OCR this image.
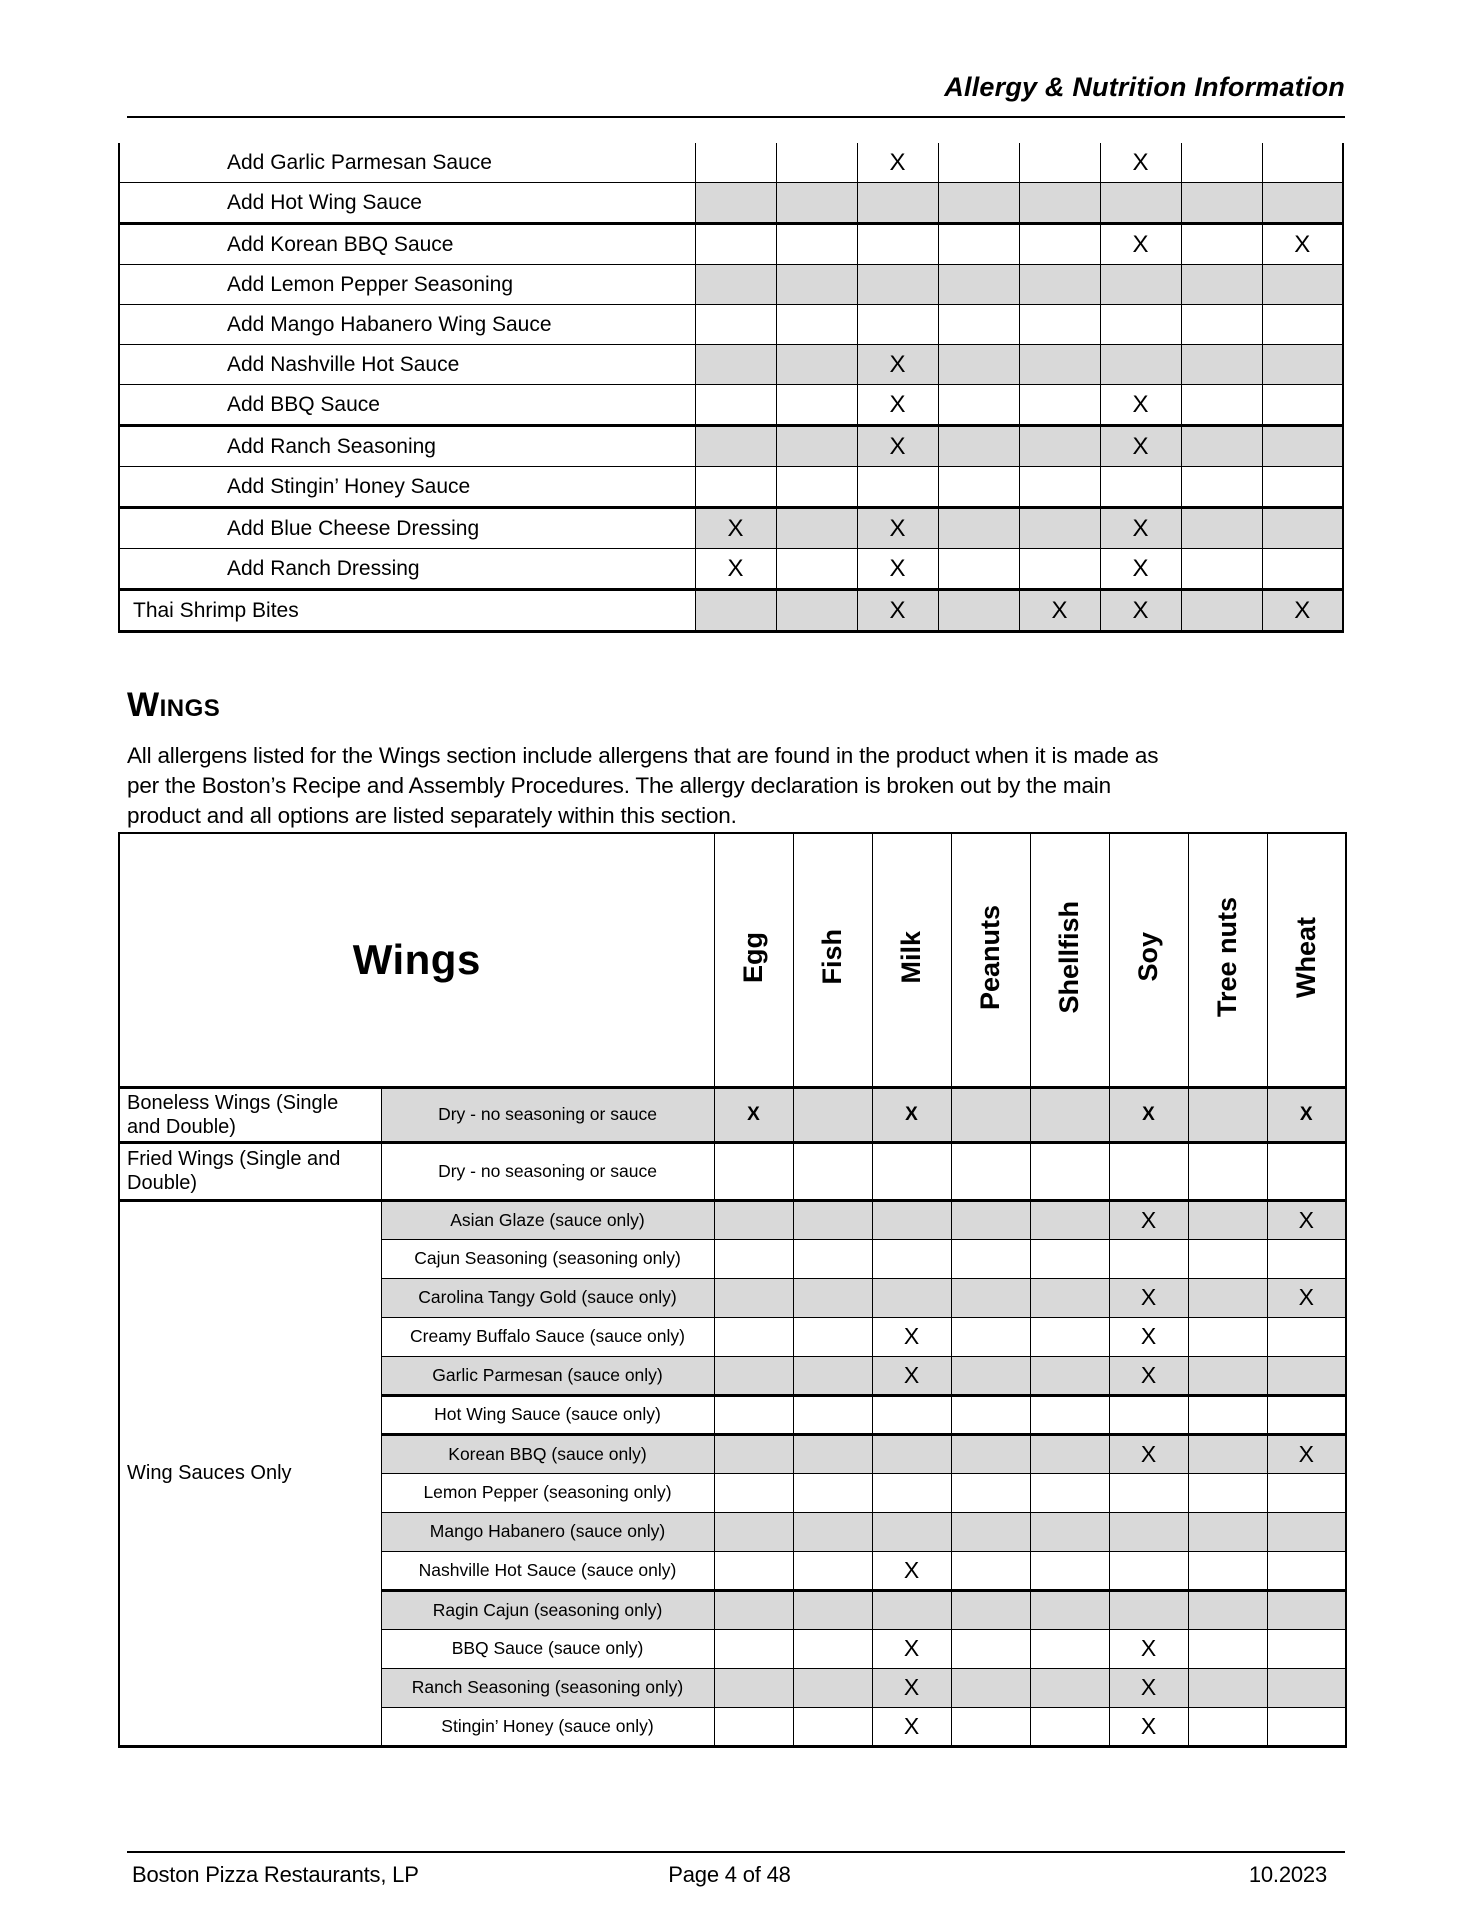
Allergy & Nutrition Information
Add Garlic Parmesan Sauce			X			X		
Add Hot Wing Sauce								
Add Korean BBQ Sauce						X		X
Add Lemon Pepper Seasoning								
Add Mango Habanero Wing Sauce								
Add Nashville Hot Sauce			X					
Add BBQ Sauce			X			X		
Add Ranch Seasoning			X			X		
Add Stingin’ Honey Sauce								
Add Blue Cheese Dressing	X		X			X		
Add Ranch Dressing	X		X			X		
Thai Shrimp Bites			X		X	X		X
Wings
All allergens listed for the Wings section include allergens that are found in the product when it is made as
per the Boston’s Recipe and Assembly Procedures. The allergy declaration is broken out by the main
product and all options are listed separately within this section.
Wings		Egg	Fish	Milk	Peanuts	Shellfish	Soy	Tree nuts	Wheat
Boneless Wings (Single and Double)	Dry - no seasoning or sauce	X		X			X		X
Fried Wings (Single and Double)	Dry - no seasoning or sauce								
Wing Sauces Only	Asian Glaze (sauce only)						X		X
	Cajun Seasoning (seasoning only)								
	Carolina Tangy Gold (sauce only)						X		X
	Creamy Buffalo Sauce (sauce only)			X			X		
	Garlic Parmesan (sauce only)			X			X		
	Hot Wing Sauce (sauce only)								
	Korean BBQ (sauce only)						X		X
	Lemon Pepper (seasoning only)								
	Mango Habanero (sauce only)								
	Nashville Hot Sauce (sauce only)			X					
	Ragin Cajun (seasoning only)								
	BBQ Sauce (sauce only)			X			X		
	Ranch Seasoning (seasoning only)			X			X		
	Stingin’ Honey (sauce only)			X			X		
Boston Pizza Restaurants, LP	Page 4 of 48	10.2023
